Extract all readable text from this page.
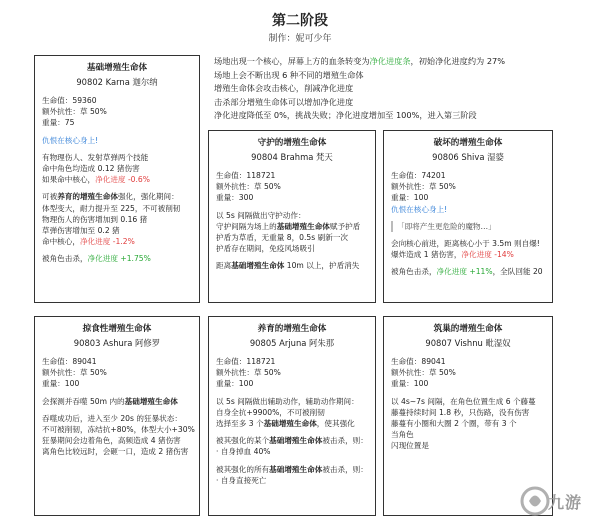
第二阶段
制作：妮可少年
场地出现一个核心，屏幕上方的血条转变为净化进度条，初始净化进度约为 27%
场地上会不断出现 6 种不同的增殖生命体
增殖生命体会攻击核心，削减净化进度
击杀部分增殖生命体可以增加净化进度
净化进度降低至 0%，挑战失败；净化进度增加至 100%，进入第三阶段
基础增殖生命体
90802 Karna 迦尔纳
生命值：59360
额外抗性：草 50%
重量：75
仇恨在核心身上!
有物理伤人、发射草弹两个技能
命中角色均造成 0.12 猪伤害
如果命中核心，净化进度 -0.6%
可被养育的增殖生命体强化，强化期间：
体型变大，耐力提升至 225，不可被削韧
物理伤人的伤害增加到 0.16 猪
草弹伤害增加至 0.2 猪
命中核心，净化进度 -1.2%
被角色击杀，净化进度 +1.75%
守护的增殖生命体
90804 Brahma 梵天
生命值：118721
额外抗性：草 50%
重量：300
以 5s 间隔做出守护动作：
守护间隔为场上的基础增殖生命体赋予护盾
护盾为草盾，无重量 8，0.5s 刷新一次
护盾存在期间，免疫风场吸引
距离基础增殖生命体 10m 以上，护盾消失
破坏的增殖生命体
90806 Shiva 湿婆
生命值：74201
额外抗性：草 50%
重量：100
仇恨在核心身上!
「即将产生更危险的魔物…」
会向核心前进，距离核心小于 3.5m 则自爆!
爆炸造成 1 猪伤害，净化进度 -14%
被角色击杀，净化进度 +11%，全队回能 20
掠食性增殖生命体
90803 Ashura 阿修罗
生命值：89041
额外抗性：草 50%
重量：100
会探测并吞噬 50m 内的基础增殖生命体
吞噬成功后，进入至少 20s 的狂暴状态：
不可被削韧，冻结抗+80%，体型大小+30%
狂暴期间会边着角色，高频造成 4 猪伤害
离角色比较远时，会砸一口，造成 2 猪伤害
养育的增殖生命体
90805 Arjuna 阿朱那
生命值：118721
额外抗性：草 50%
重量：100
以 5s 间隔做出辅助动作，辅助动作期间：
自身全抗+9900%，不可被削韧
选择至多 3 个基础增殖生命体，使其强化
被其强化的某个基础增殖生命体被击杀，则：
· 自身掉血 40%
被其强化的所有基础增殖生命体被击杀，则：
· 自身直接死亡
筑巢的增殖生命体
90807 Vishnu 毗湿奴
生命值：89041
额外抗性：草 50%
重量：100
以 4s~7s 间隔，在角色位置生成 6 个藤蔓
藤蔓持续时间 1.8 秒，只伤路，没有伤害
藤蔓有小圈和大圈 2 个圈，带有 3 个
当角色
闪现位置是
九游
